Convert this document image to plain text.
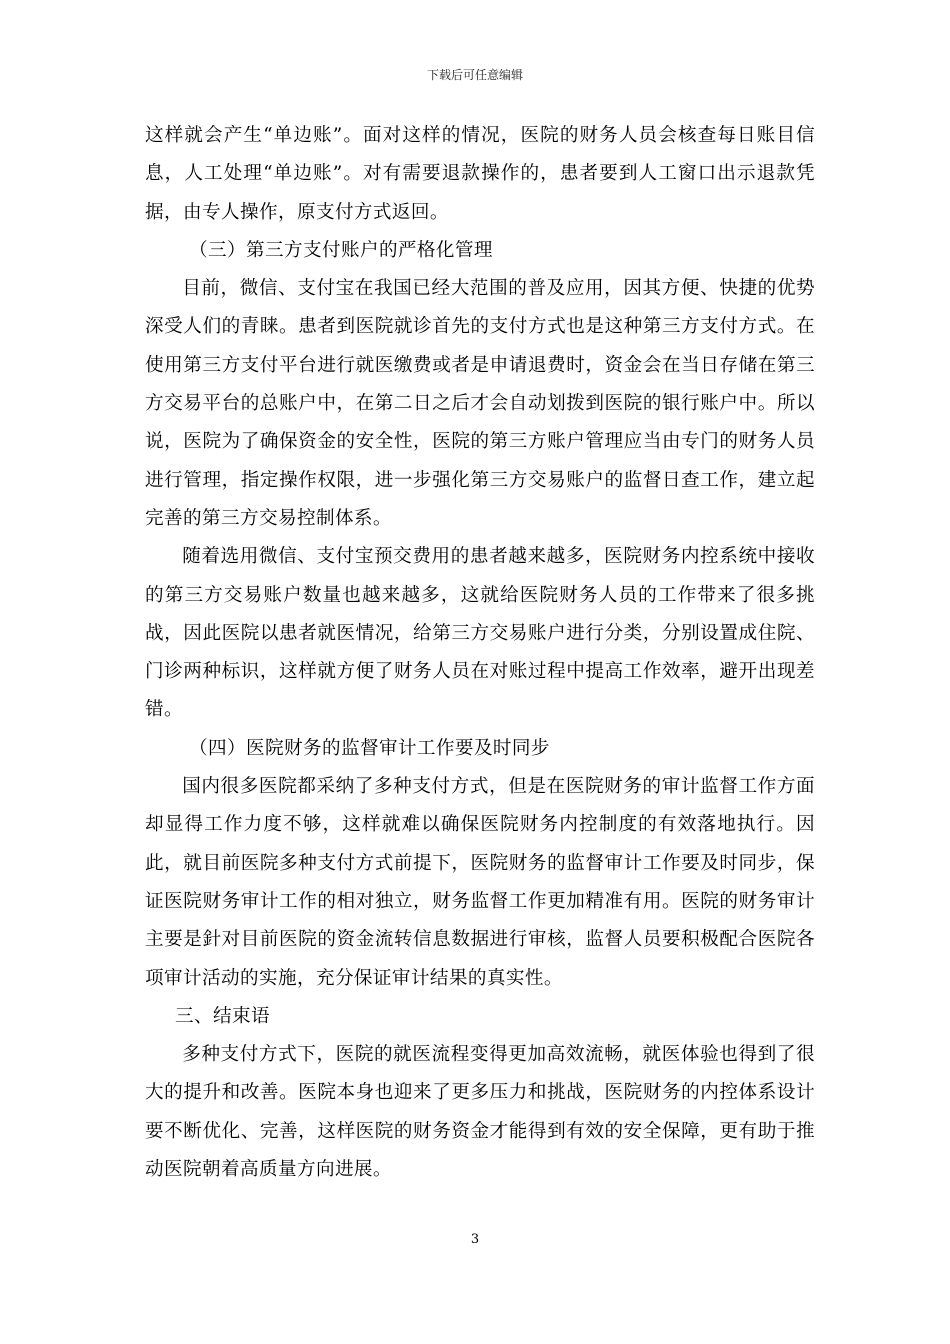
下载后可任意编辑

这样就会产生“单边账”。面对这样的情况，医院的财务人员会核查每日账目信息，人工处理“单边账”。对有需要退款操作的，患者要到人工窗口出示退款凭据，由专人操作，原支付方式返回。

（三）第三方支付账户的严格化管理

目前，微信、支付宝在我国已经大范围的普及应用，因其方便、快捷的优势深受人们的青睐。患者到医院就诊首先的支付方式也是这种第三方支付方式。在使用第三方支付平台进行就医缴费或者是申请退费时，资金会在当日存储在第三方交易平台的总账户中，在第二日之后才会自动划拨到医院的银行账户中。所以说，医院为了确保资金的安全性，医院的第三方账户管理应当由专门的财务人员进行管理，指定操作权限，进一步强化第三方交易账户的监督日查工作，建立起完善的第三方交易控制体系。

随着选用微信、支付宝预交费用的患者越来越多，医院财务内控系统中接收的第三方交易账户数量也越来越多，这就给医院财务人员的工作带来了很多挑战，因此医院以患者就医情况，给第三方交易账户进行分类，分别设置成住院、门诊两种标识，这样就方便了财务人员在对账过程中提高工作效率，避开出现差错。

（四）医院财务的监督审计工作要及时同步

国内很多医院都采纳了多种支付方式，但是在医院财务的审计监督工作方面却显得工作力度不够，这样就难以确保医院财务内控制度的有效落地执行。因此，就目前医院多种支付方式前提下，医院财务的监督审计工作要及时同步，保证医院财务审计工作的相对独立，财务监督工作更加精准有用。医院的财务审计主要是針对目前医院的资金流转信息数据进行审核，监督人员要积极配合医院各项审计活动的实施，充分保证审计结果的真实性。

三、结束语

多种支付方式下，医院的就医流程变得更加高效流畅，就医体验也得到了很大的提升和改善。医院本身也迎来了更多压力和挑战，医院财务的内控体系设计要不断优化、完善，这样医院的财务资金才能得到有效的安全保障，更有助于推动医院朝着高质量方向进展。

3
